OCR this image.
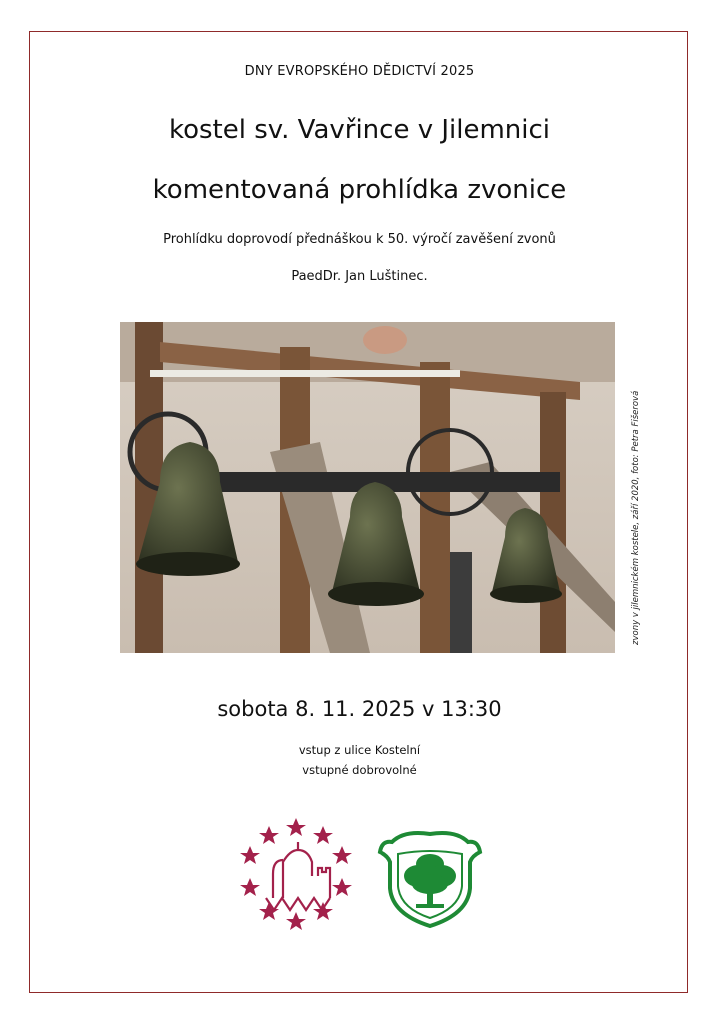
DNY EVROPSKÉHO DĚDICTVÍ 2025
kostel sv. Vavřince v Jilemnici
komentovaná prohlídka zvonice
Prohlídku doprovodí přednáškou k 50. výročí zavěšení zvonů
PaedDr. Jan Luštinec.
zvony v jilemnickém kostele, září 2020, foto: Petra Fišerová
sobota 8. 11. 2025 v 13:30
vstup z ulice Kostelní
vstupné dobrovolné
